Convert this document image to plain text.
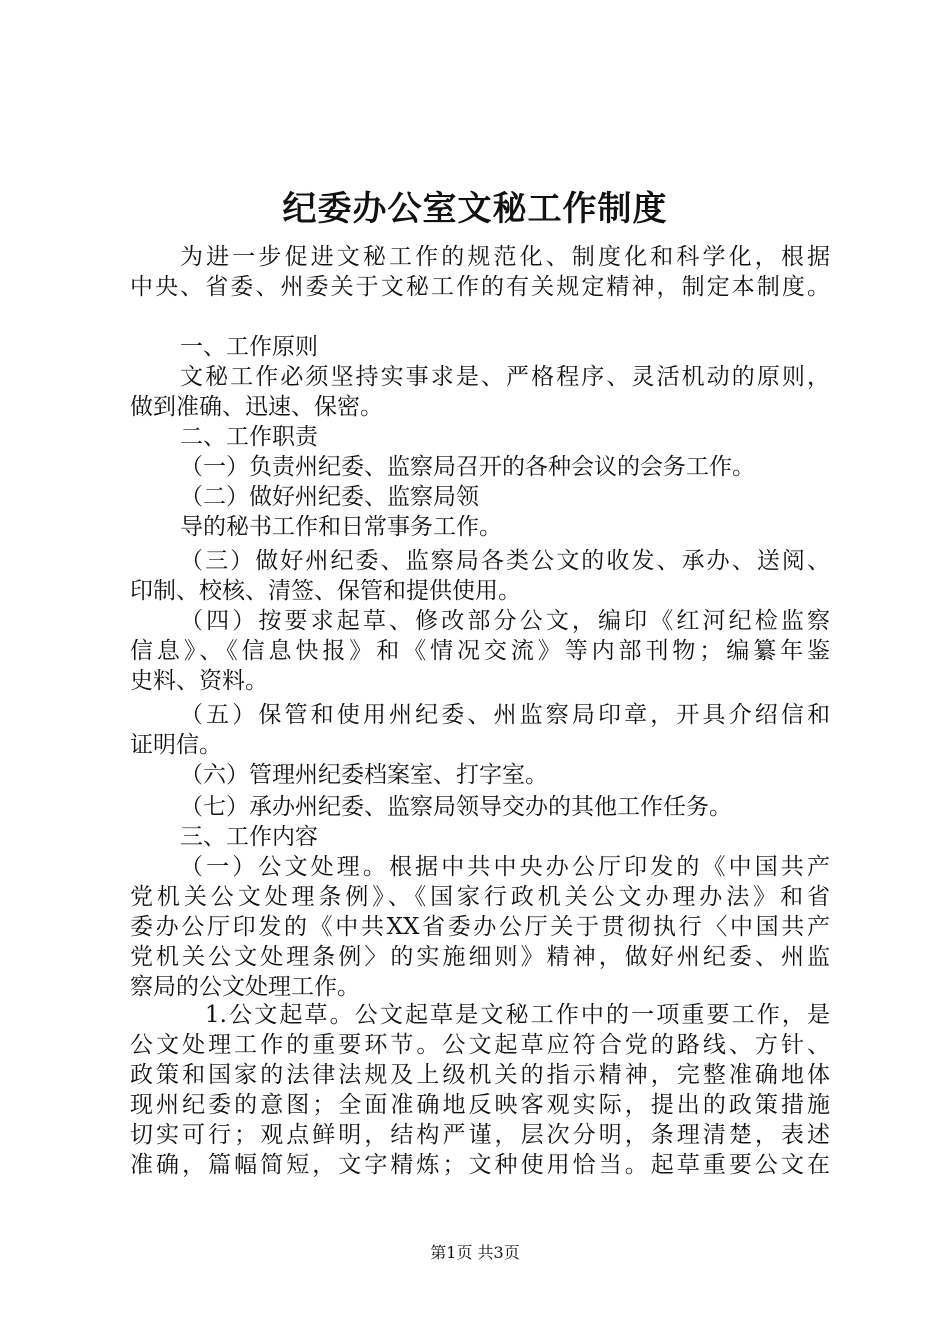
纪委办公室文秘工作制度

为进一步促进文秘工作的规范化、制度化和科学化，根据

中央、省委、州委关于文秘工作的有关规定精神，制定本制度。

一、工作原则

文秘工作必须坚持实事求是、严格程序、灵活机动的原则，

做到准确、迅速、保密。

二、工作职责

（一）负责州纪委、监察局召开的各种会议的会务工作。

（二）做好州纪委、监察局领

导的秘书工作和日常事务工作。

（三）做好州纪委、监察局各类公文的收发、承办、送阅、

印制、校核、清签、保管和提供使用。

（四）按要求起草、修改部分公文，编印《红河纪检监察

信息》、《信息快报》和《情况交流》等内部刊物；编纂年鉴

史料、资料。

（五）保管和使用州纪委、州监察局印章，开具介绍信和

证明信。

（六）管理州纪委档案室、打字室。

（七）承办州纪委、监察局领导交办的其他工作任务。

三、工作内容

（一）公文处理。根据中共中央办公厅印发的《中国共产

党机关公文处理条例》、《国家行政机关公文办理办法》和省

委办公厅印发的《中共XX省委办公厅关于贯彻执行〈中国共产

党机关公文处理条例〉的实施细则》精神，做好州纪委、州监

察局的公文处理工作。

1.公文起草。公文起草是文秘工作中的一项重要工作，是

公文处理工作的重要环节。公文起草应符合党的路线、方针、

政策和国家的法律法规及上级机关的指示精神，完整准确地体

现州纪委的意图；全面准确地反映客观实际，提出的政策措施

切实可行；观点鲜明，结构严谨，层次分明，条理清楚，表述

准确，篇幅简短，文字精炼；文种使用恰当。起草重要公文在

第1页 共3页
